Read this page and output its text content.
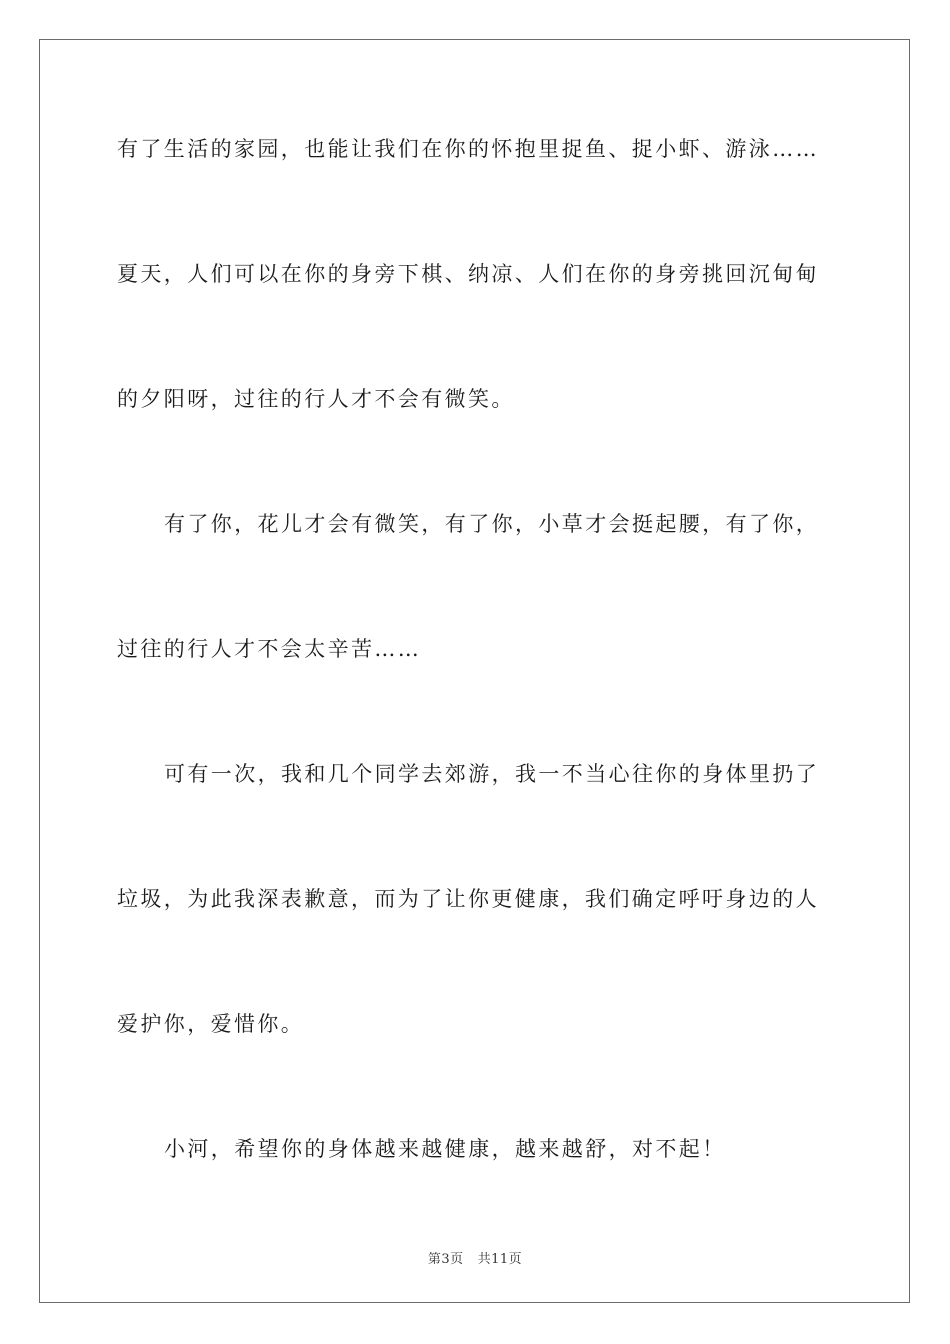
有了生活的家园，也能让我们在你的怀抱里捉鱼、捉小虾、游泳……
夏天，人们可以在你的身旁下棋、纳凉、人们在你的身旁挑回沉甸甸
的夕阳呀，过往的行人才不会有微笑。
有了你，花儿才会有微笑，有了你，小草才会挺起腰，有了你，
过往的行人才不会太辛苦……
可有一次，我和几个同学去郊游，我一不当心往你的身体里扔了
垃圾，为此我深表歉意，而为了让你更健康，我们确定呼吁身边的人
爱护你，爱惜你。
小河，希望你的身体越来越健康，越来越舒，对不起！
第3页 共11页
